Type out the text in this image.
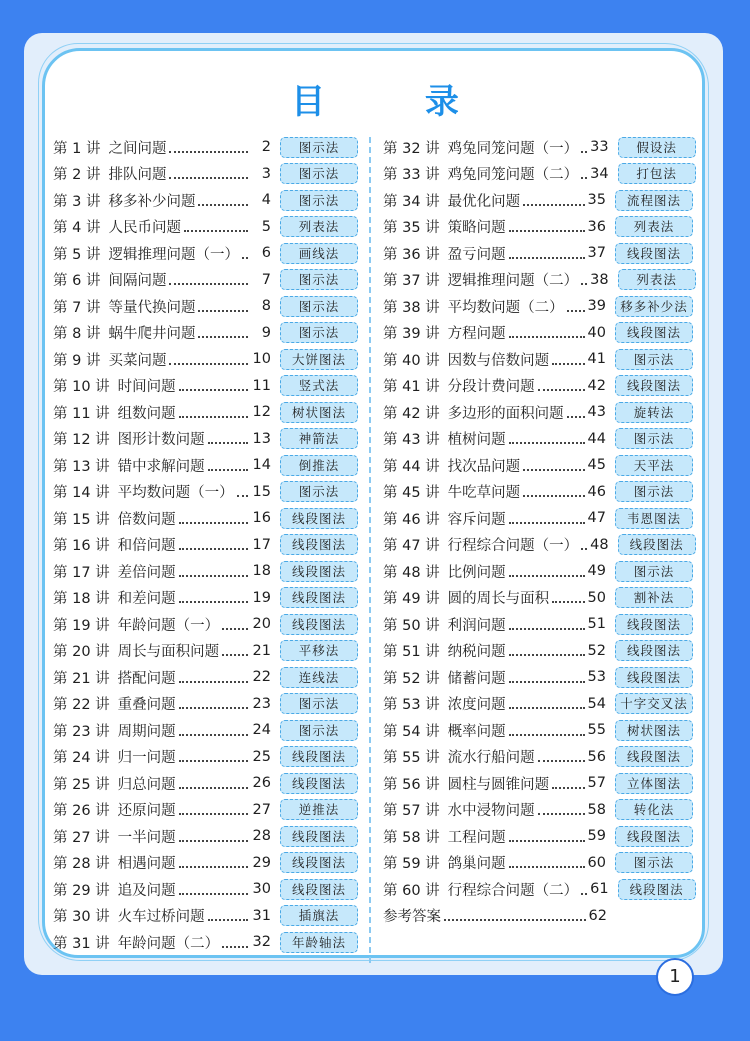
目 录
第 1 讲 之间问题	2	图示法
第 2 讲 排队问题	3	图示法
第 3 讲 移多补少问题	4	图示法
第 4 讲 人民币问题	5	列表法
第 5 讲 逻辑推理问题（一）	6	画线法
第 6 讲 间隔问题	7	图示法
第 7 讲 等量代换问题	8	图示法
第 8 讲 蜗牛爬井问题	9	图示法
第 9 讲 买菜问题	10	大饼图法
第 10 讲 时间问题	11	竖式法
第 11 讲 组数问题	12	树状图法
第 12 讲 图形计数问题	13	神箭法
第 13 讲 错中求解问题	14	倒推法
第 14 讲 平均数问题（一） 15	图示法
第 15 讲 倍数问题	16	线段图法
第 16 讲 和倍问题	17	线段图法
第 17 讲 差倍问题	18	线段图法
第 18 讲 和差问题	19	线段图法
第 19 讲 年龄问题（一） 20	线段图法
第 20 讲 周长与面积问题 21	平移法
第 21 讲 搭配问题	22	连线法
第 22 讲 重叠问题	23	图示法
第 23 讲 周期问题	24	图示法
第 24 讲 归一问题	25	线段图法
第 25 讲 归总问题	26	线段图法
第 26 讲 还原问题	27	逆推法
第 27 讲 一半问题	28	线段图法
第 28 讲 相遇问题	29	线段图法
第 29 讲 追及问题	30	线段图法
第 30 讲 火车过桥问题	31	插旗法
第 31 讲 年龄问题（二） 32	年龄轴法
第 32 讲 鸡兔同笼问题（一） 33	假设法
第 33 讲 鸡兔同笼问题（二） 34	打包法
第 34 讲 最优化问题	35	流程图法
第 35 讲 策略问题	36	列表法
第 36 讲 盈亏问题	37	线段图法
第 37 讲 逻辑推理问题（二） 38	列表法
第 38 讲 平均数问题（二） 39	移多补少法
第 39 讲 方程问题	40	线段图法
第 40 讲 因数与倍数问题	41	图示法
第 41 讲 分段计费问题	42	线段图法
第 42 讲 多边形的面积问题 43	旋转法
第 43 讲 植树问题	44	图示法
第 44 讲 找次品问题	45	天平法
第 45 讲 牛吃草问题	46	图示法
第 46 讲 容斥问题	47	韦恩图法
第 47 讲 行程综合问题（一） 48	线段图法
第 48 讲 比例问题	49	图示法
第 49 讲 圆的周长与面积	50	割补法
第 50 讲 利润问题	51	线段图法
第 51 讲 纳税问题	52	线段图法
第 52 讲 储蓄问题	53	线段图法
第 53 讲 浓度问题	54	十字交叉法
第 54 讲 概率问题	55	树状图法
第 55 讲 流水行船问题	56	线段图法
第 56 讲 圆柱与圆锥问题	57	立体图法
第 57 讲 水中浸物问题	58	转化法
第 58 讲 工程问题	59	线段图法
第 59 讲 鸽巢问题	60	图示法
第 60 讲 行程综合问题（二） 61	线段图法
参考答案	62
1
